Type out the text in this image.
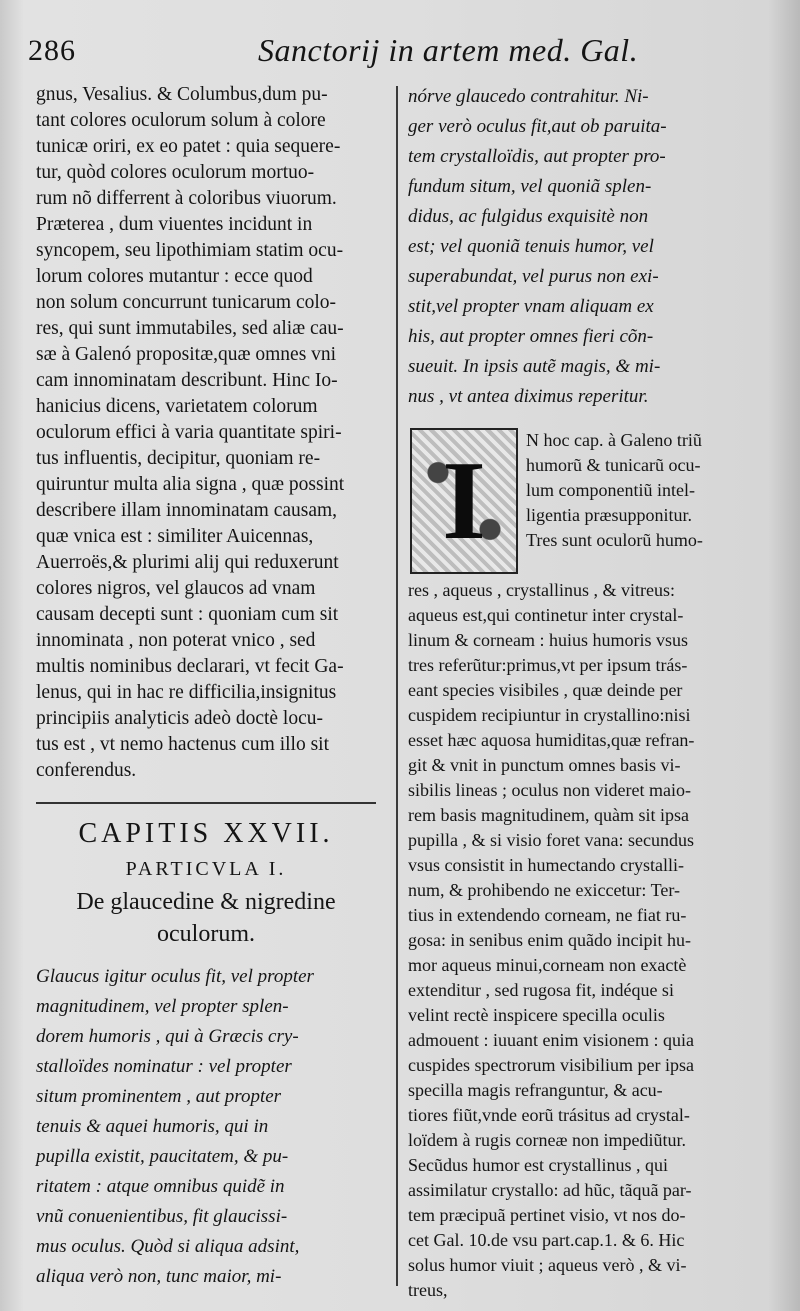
286	Sanctorij in artem med. Gal.
gnus, Vesalius. & Columbus,dum pu-
tant colores oculorum solum à colore
tunicæ oriri, ex eo patet : quia sequere-
tur, quòd colores oculorum mortuo-
rum nõ differrent à coloribus viuorum.
Præterea , dum viuentes incidunt in
syncopem, seu lipothimiam statim ocu-
lorum colores mutantur : ecce quod
non solum concurrunt tunicarum colo-
res, qui sunt immutabiles, sed aliæ cau-
sæ à Galenó propositæ,quæ omnes vni
cam innominatam describunt. Hinc Io-
hanicius dicens, varietatem colorum
oculorum effici à varia quantitate spiri-
tus influentis, decipitur, quoniam re-
quiruntur multa alia signa , quæ possint
describere illam innominatam causam,
quæ vnica est : similiter Auicennas,
Auerroës,& plurimi alij qui reduxerunt
colores nigros, vel glaucos ad vnam
causam decepti sunt : quoniam cum sit
innominata , non poterat vnico , sed
multis nominibus declarari, vt fecit Ga-
lenus, qui in hac re difficilia,insignitus
principiis analyticis adeò doctè locu-
tus est , vt nemo hactenus cum illo sit
conferendus.
CAPITIS XXVII.
PARTICVLA I.
De glaucedine & nigredine
oculorum.
Glaucus igitur oculus fit, vel propter
magnitudinem, vel propter splen-
dorem humoris , qui à Græcis cry-
stalloïdes nominatur : vel propter
situm prominentem , aut propter
tenuis & aquei humoris, qui in
pupilla existit, paucitatem, & pu-
ritatem : atque omnibus quidẽ in
vnũ conuenientibus, fit glaucissi-
mus oculus. Quòd si aliqua adsint,
aliqua verò non, tunc maior, mi-
nórve glaucedo contrahitur. Ni-
ger verò oculus fit,aut ob paruita-
tem crystalloïdis, aut propter pro-
fundum situm, vel quoniã splen-
didus, ac fulgidus exquisitè non
est; vel quoniã tenuis humor, vel
superabundat, vel purus non exi-
stit,vel propter vnam aliquam ex
his, aut propter omnes fieri cõn-
sueuit. In ipsis autẽ magis, & mi-
nus , vt antea diximus reperitur.
I	N hoc cap. à Galeno triũ
humorũ & tunicarũ ocu-
lum componentiũ intel-
ligentia præsupponitur.
Tres sunt oculorũ humo-
res , aqueus , crystallinus , & vitreus:
aqueus est,qui continetur inter crystal-
linum & corneam : huius humoris vsus
tres referũtur:primus,vt per ipsum trás-
eant species visibiles , quæ deinde per
cuspidem recipiuntur in crystallino:nisi
esset hæc aquosa humiditas,quæ refran-
git & vnit in punctum omnes basis vi-
sibilis lineas ; oculus non videret maio-
rem basis magnitudinem, quàm sit ipsa
pupilla , & si visio foret vana: secundus
vsus consistit in humectando crystalli-
num, & prohibendo ne exiccetur: Ter-
tius in extendendo corneam, ne fiat ru-
gosa: in senibus enim quãdo incipit hu-
mor aqueus minui,corneam non exactè
extenditur , sed rugosa fit, indéque si
velint rectè inspicere specilla oculis
admouent : iuuant enim visionem : quia
cuspides spectrorum visibilium per ipsa
specilla magis refranguntur, & acu-
tiores fiũt,vnde eorũ trásitus ad crystal-
loïdem à rugis corneæ non impediũtur.
Secũdus humor est crystallinus , qui
assimilatur crystallo: ad hũc, tãquã par-
tem præcipuã pertinet visio, vt nos do-
cet Gal. 10.de vsu part.cap.1. & 6. Hic
solus humor viuit ; aqueus verò , & vi-
treus,
